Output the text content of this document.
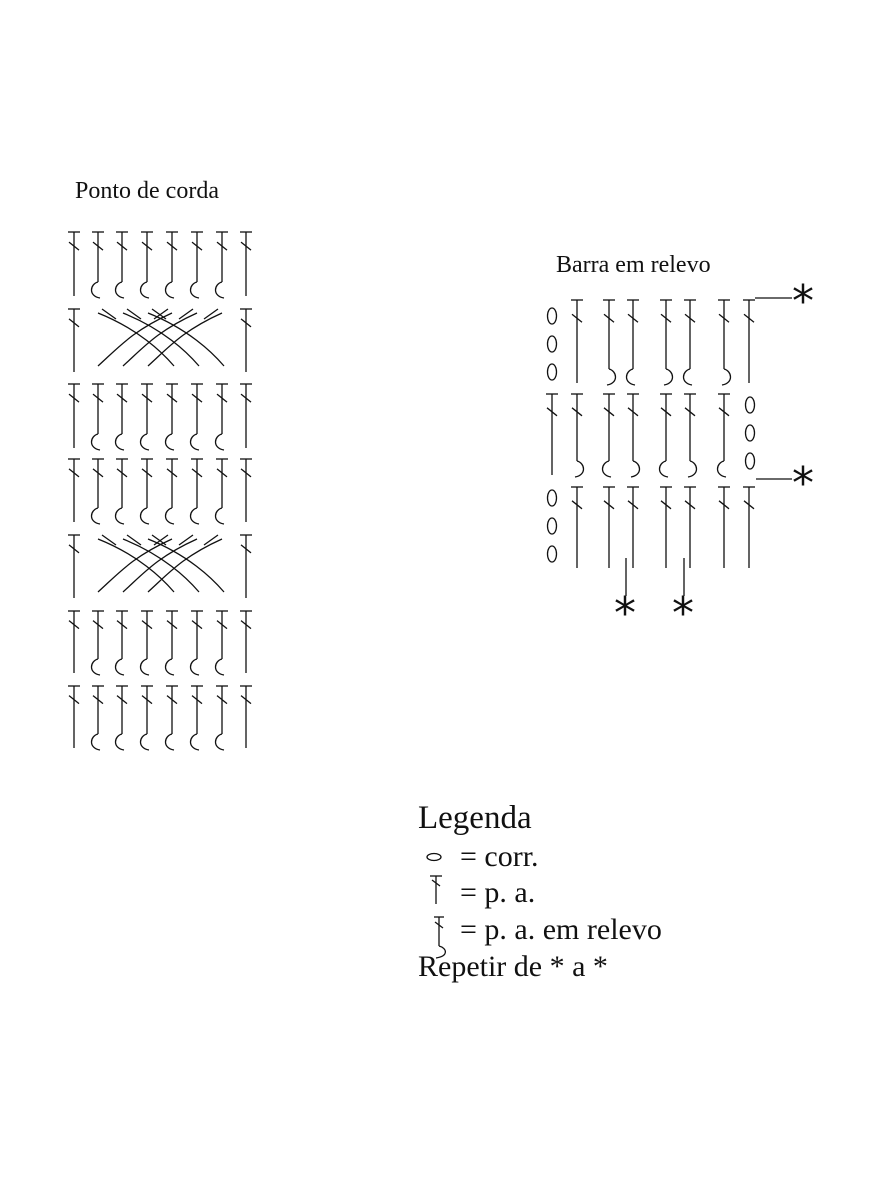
Ponto de corda
Barra em relevo
*
*
* *
Legenda
= corr.
= p. a.
= p. a. em relevo
Repetir de * a *
